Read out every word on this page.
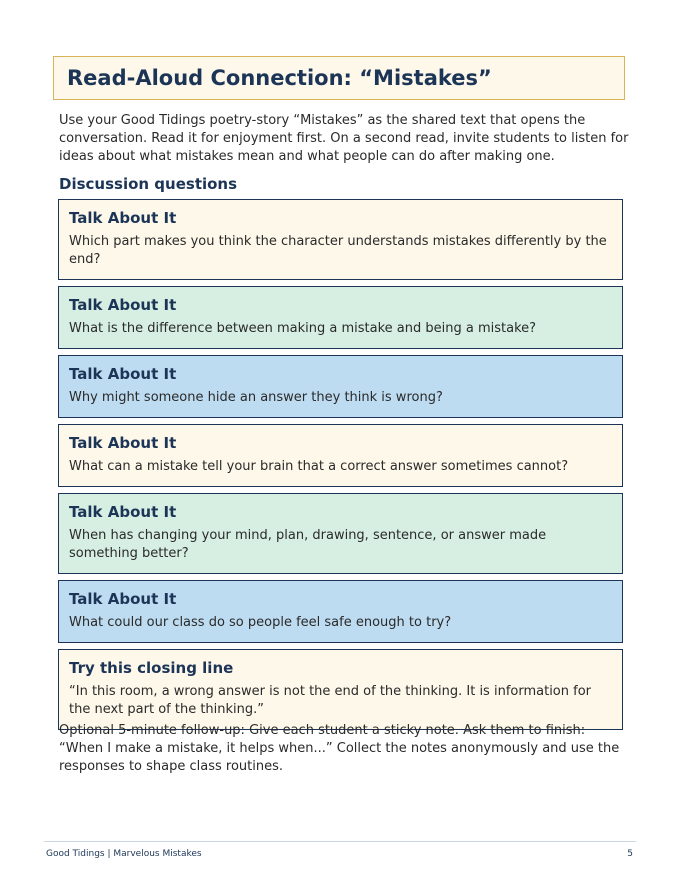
Read-Aloud Connection: “Mistakes”

Use your Good Tidings poetry-story “Mistakes” as the shared text that opens the conversation. Read it for enjoyment first. On a second read, invite students to listen for ideas about what mistakes mean and what people can do after making one.

Discussion questions
Talk About It

Which part makes you think the character understands mistakes differently by the end?

Talk About It

What is the difference between making a mistake and being a mistake?

Talk About It

Why might someone hide an answer they think is wrong?

Talk About It

What can a mistake tell your brain that a correct answer sometimes cannot?

Talk About It

When has changing your mind, plan, drawing, sentence, or answer made something better?

Talk About It

What could our class do so people feel safe enough to try?

Try this closing line

“In this room, a wrong answer is not the end of the thinking. It is information for the next part of the thinking.”

Optional 5-minute follow-up: Give each student a sticky note. Ask them to finish: “When I make a mistake, it helps when...” Collect the notes anonymously and use the responses to shape class routines.

Good Tidings | Marvelous Mistakes	5
